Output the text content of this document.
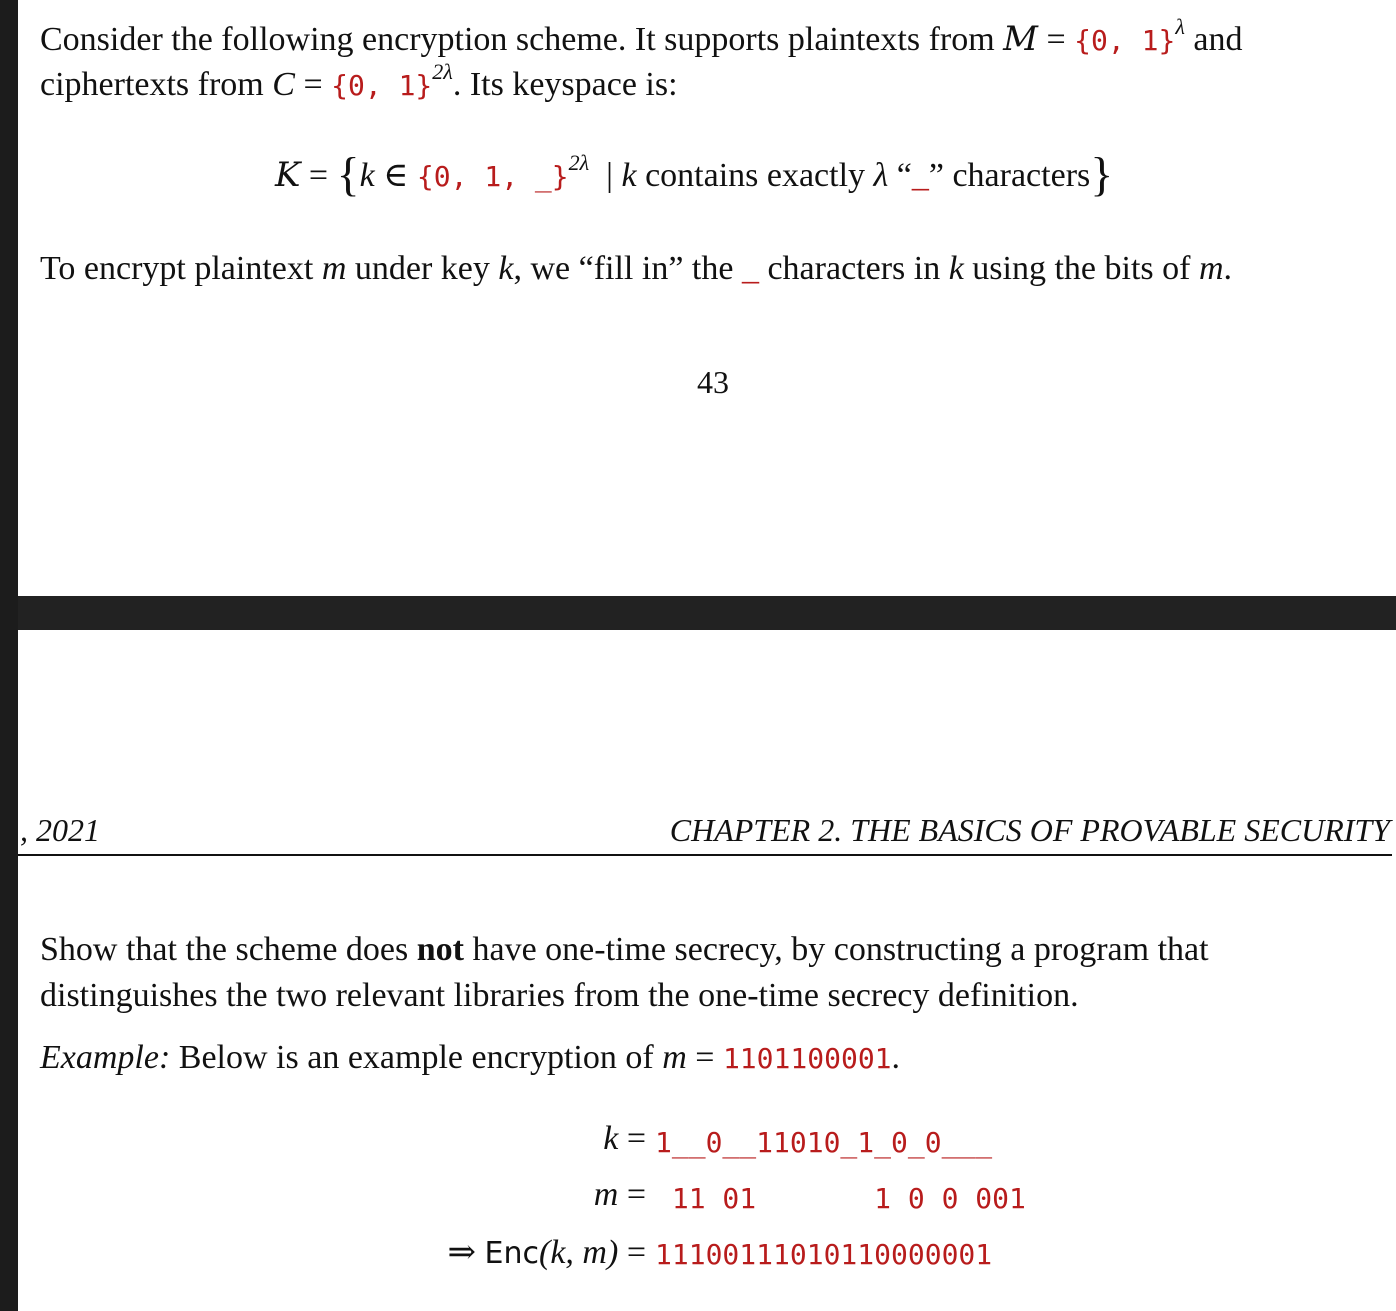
Consider the following encryption scheme. It supports plaintexts from M = {0, 1}$^\lambda$ and
ciphertexts from C = {0, 1}$^{2\lambda}$. Its keyspace is:
K = {k ∈ {0, 1, _}$^{2\lambda}$  | k contains exactly λ “_” characters}
To encrypt plaintext m under key k, we “fill in” the _ characters in k using the bits of m.
43
, 2021	CHAPTER 2. THE BASICS OF PROVABLE SECURITY
Show that the scheme does not have one-time secrecy, by constructing a program that
distinguishes the two relevant libraries from the one-time secrecy definition.
Example: Below is an example encryption of m = 1101100001.
k = 1__0__11010_1_0_0___
m = 11 01       1 0 0 001
⇒ Enc(k, m) = 11100111010110000001
